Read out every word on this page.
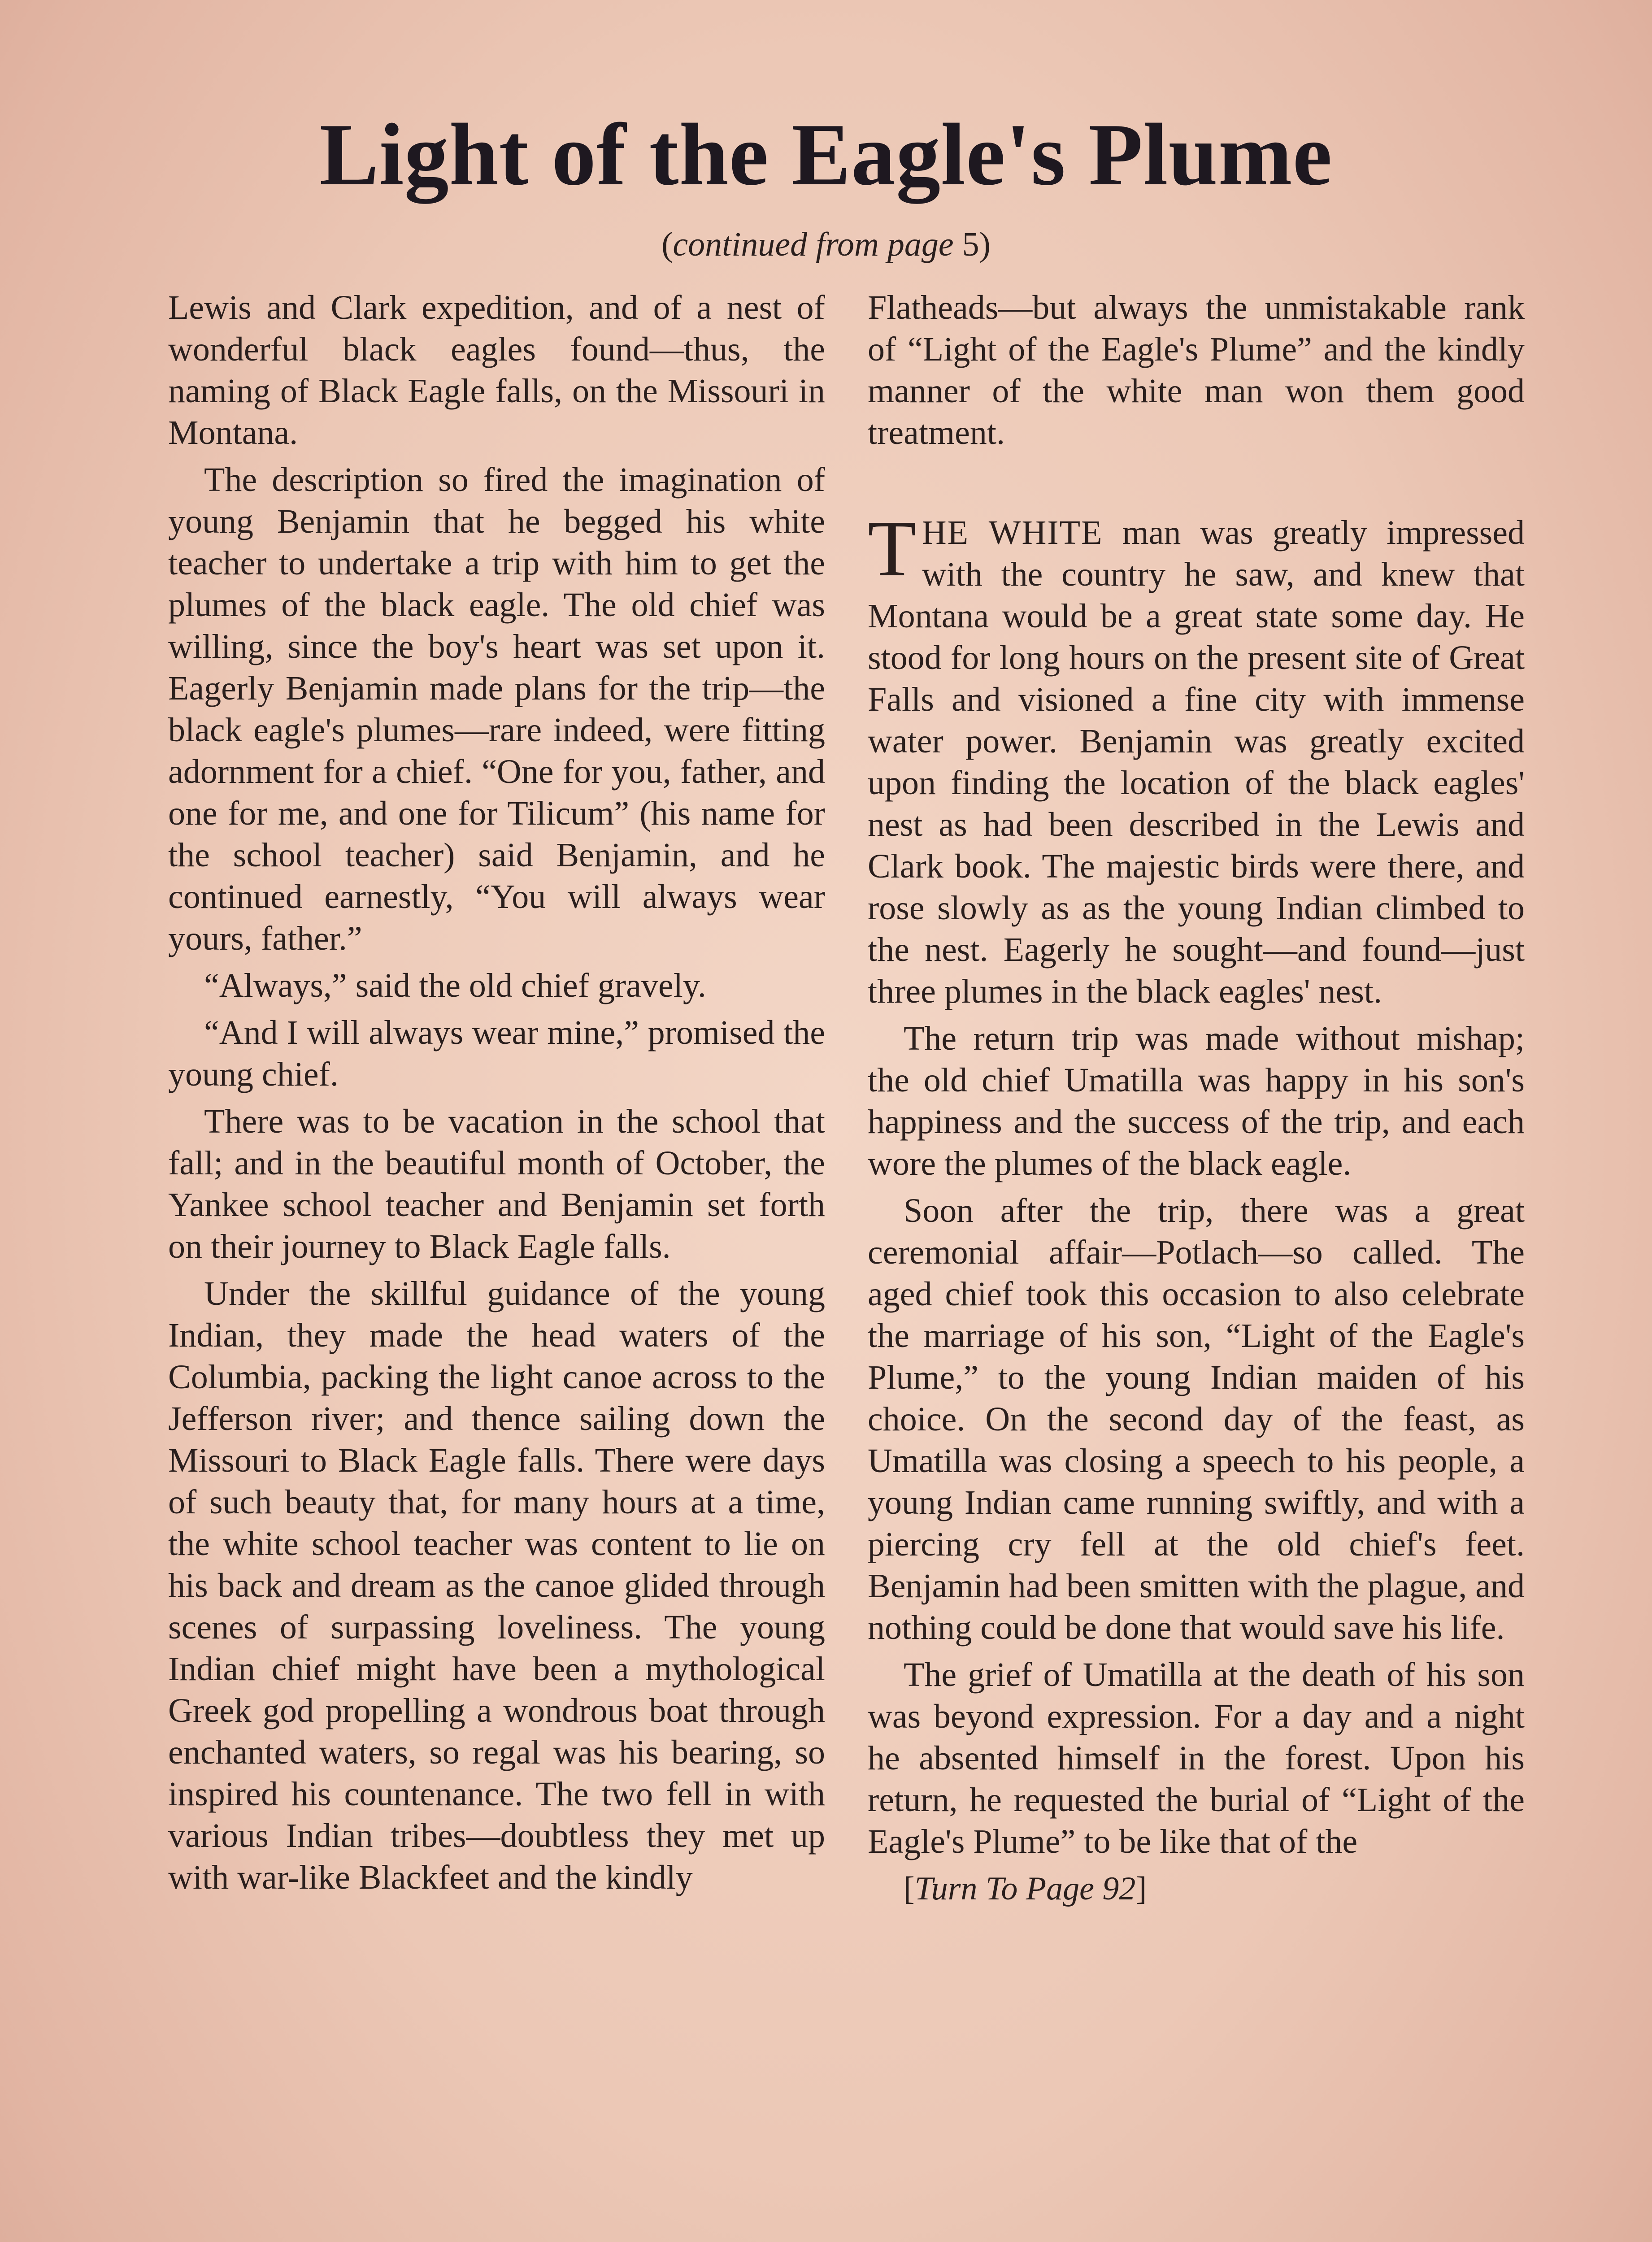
Light of the Eagle's Plume
(continued from page 5)

Lewis and Clark expedition, and of a nest of wonderful black eagles found—thus, the naming of Black Eagle falls, on the Missouri in Montana.

The description so fired the imagination of young Benjamin that he begged his white teacher to undertake a trip with him to get the plumes of the black eagle. The old chief was willing, since the boy's heart was set upon it. Eagerly Benjamin made plans for the trip—the black eagle's plumes—rare indeed, were fitting adornment for a chief. “One for you, father, and one for me, and one for Tilicum” (his name for the school teacher) said Benjamin, and he continued earnestly, “You will always wear yours, father.”

“Always,” said the old chief gravely.

“And I will always wear mine,” promised the young chief.

There was to be vacation in the school that fall; and in the beautiful month of October, the Yankee school teacher and Benjamin set forth on their journey to Black Eagle falls.

Under the skillful guidance of the young Indian, they made the head waters of the Columbia, packing the light canoe across to the Jefferson river; and thence sailing down the Missouri to Black Eagle falls. There were days of such beauty that, for many hours at a time, the white school teacher was content to lie on his back and dream as the canoe glided through scenes of surpassing loveliness. The young Indian chief might have been a mythological Greek god propelling a wondrous boat through enchanted waters, so regal was his bearing, so inspired his countenance. The two fell in with various Indian tribes—doubtless they met up with war-like Blackfeet and the kindly

Flatheads—but always the unmistakable rank of “Light of the Eagle's Plume” and the kindly manner of the white man won them good treatment.

THE WHITE man was greatly impressed with the country he saw, and knew that Montana would be a great state some day. He stood for long hours on the present site of Great Falls and visioned a fine city with immense water power. Benjamin was greatly excited upon finding the location of the black eagles' nest as had been described in the Lewis and Clark book. The majestic birds were there, and rose slowly as as the young Indian climbed to the nest. Eagerly he sought—and found—just three plumes in the black eagles' nest.

The return trip was made without mishap; the old chief Umatilla was happy in his son's happiness and the success of the trip, and each wore the plumes of the black eagle.

Soon after the trip, there was a great ceremonial affair—Potlach—so called. The aged chief took this occasion to also celebrate the marriage of his son, “Light of the Eagle's Plume,” to the young Indian maiden of his choice. On the second day of the feast, as Umatilla was closing a speech to his people, a young Indian came running swiftly, and with a piercing cry fell at the old chief's feet. Benjamin had been smitten with the plague, and nothing could be done that would save his life.

The grief of Umatilla at the death of his son was beyond expression. For a day and a night he absented himself in the forest. Upon his return, he requested the burial of “Light of the Eagle's Plume” to be like that of the

[Turn To Page 92]
